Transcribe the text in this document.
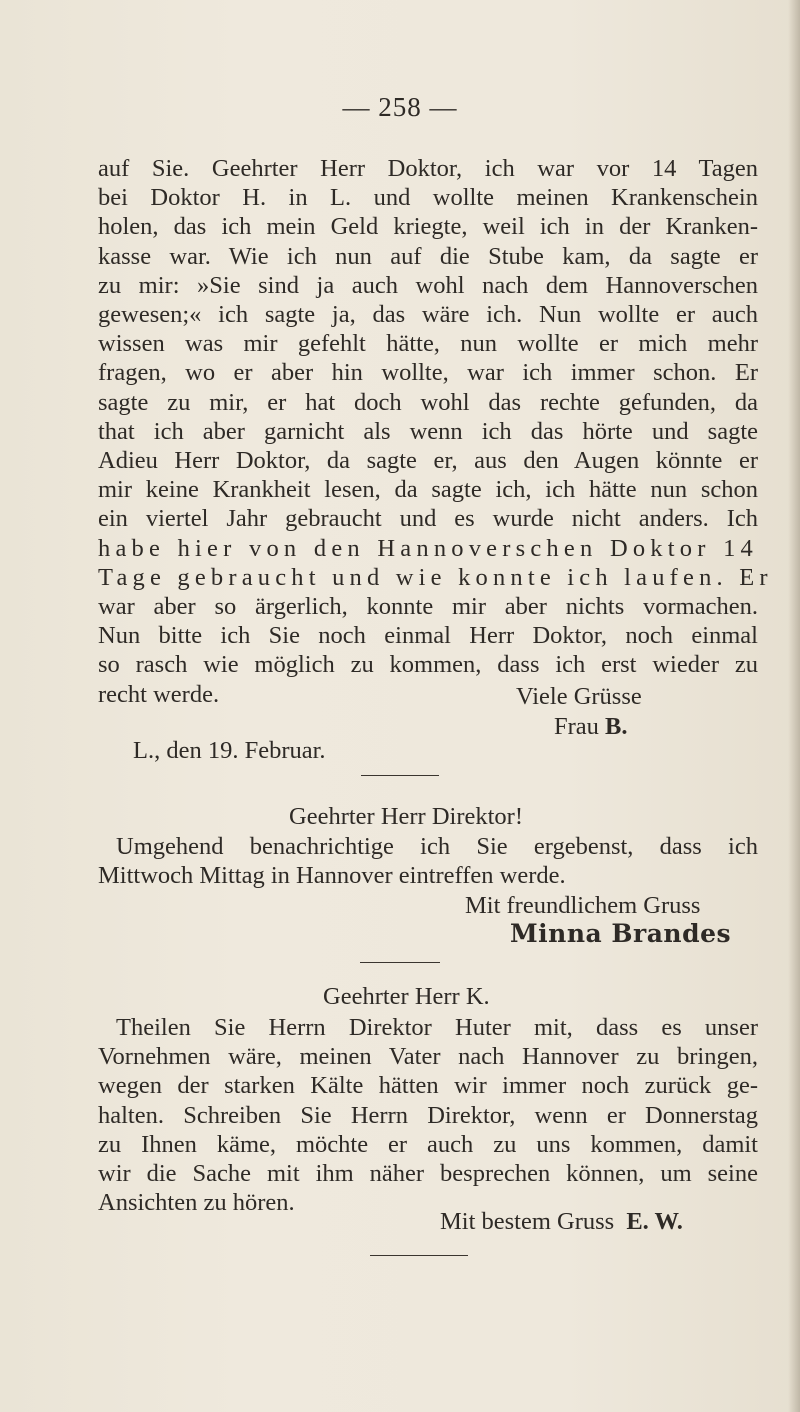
— 258 —
auf Sie. Geehrter Herr Doktor, ich war vor 14 Tagen
bei Doktor H. in L. und wollte meinen Krankenschein
holen, das ich mein Geld kriegte, weil ich in der Kranken-
kasse war. Wie ich nun auf die Stube kam, da sagte er
zu mir: »Sie sind ja auch wohl nach dem Hannoverschen
gewesen;« ich sagte ja, das wäre ich. Nun wollte er auch
wissen was mir gefehlt hätte, nun wollte er mich mehr
fragen, wo er aber hin wollte, war ich immer schon. Er
sagte zu mir, er hat doch wohl das rechte gefunden, da
that ich aber garnicht als wenn ich das hörte und sagte
Adieu Herr Doktor, da sagte er, aus den Augen könnte er
mir keine Krankheit lesen, da sagte ich, ich hätte nun schon
ein viertel Jahr gebraucht und es wurde nicht anders. Ich
habe hier von den Hannoverschen Doktor 14
Tage gebraucht und wie konnte ich laufen. Er
war aber so ärgerlich, konnte mir aber nichts vormachen.
Nun bitte ich Sie noch einmal Herr Doktor, noch einmal
so rasch wie möglich zu kommen, dass ich erst wieder zu
recht werde.	Viele Grüsse
Frau B.
L., den 19. Februar.
Geehrter Herr Direktor!
Umgehend benachrichtige ich Sie ergebenst, dass ich
Mittwoch Mittag in Hannover eintreffen werde.
Mit freundlichem Gruss
Minna Brandes
Geehrter Herr K.
Theilen Sie Herrn Direktor Huter mit, dass es unser
Vornehmen wäre, meinen Vater nach Hannover zu bringen,
wegen der starken Kälte hätten wir immer noch zurück ge-
halten. Schreiben Sie Herrn Direktor, wenn er Donnerstag
zu Ihnen käme, möchte er auch zu uns kommen, damit
wir die Sache mit ihm näher besprechen können, um seine
Ansichten zu hören.
Mit bestem Gruss E. W.
